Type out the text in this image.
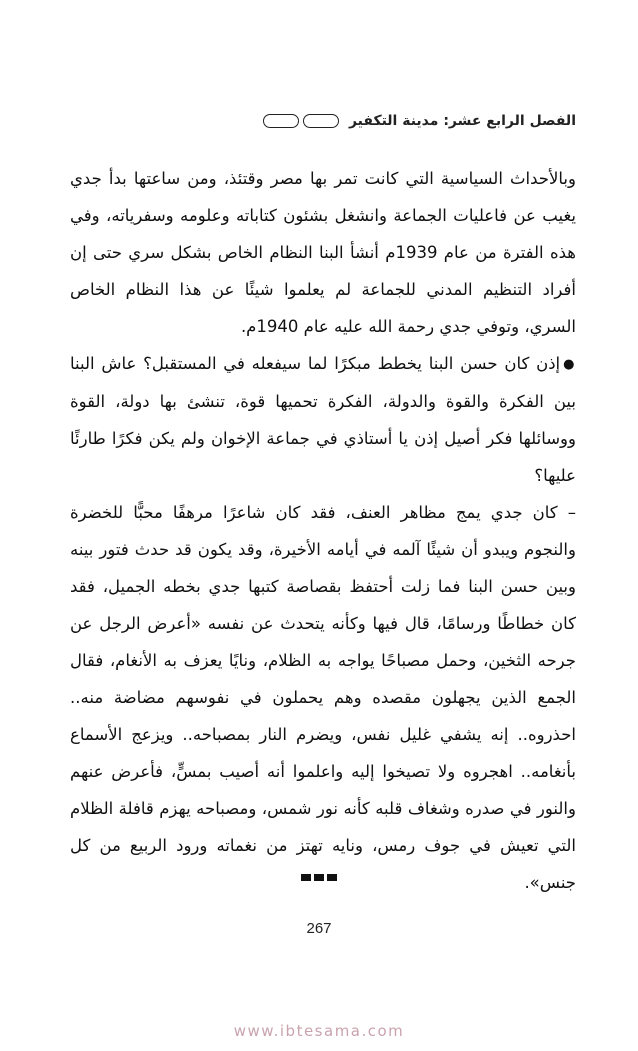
الفصل الرابع عشر: مدينة التكفير

وبالأحداث السياسية التي كانت تمر بها مصر وقتئذ، ومن ساعتها بدأ جدي يغيب عن فاعليات الجماعة وانشغل بشئون كتاباته وعلومه وسفرياته، وفي هذه الفترة من عام 1939م أنشأ البنا النظام الخاص بشكل سري حتى إن أفراد التنظيم المدني للجماعة لم يعلموا شيئًا عن هذا النظام الخاص السري، وتوفي جدي رحمة الله عليه عام 1940م.

●إذن كان حسن البنا يخطط مبكرًا لما سيفعله في المستقبل؟ عاش البنا بين الفكرة والقوة والدولة، الفكرة تحميها قوة، تنشئ بها دولة، القوة ووسائلها فكر أصيل إذن يا أستاذي في جماعة الإخوان ولم يكن فكرًا طارئًا عليها؟

– كان جدي يمج مظاهر العنف، فقد كان شاعرًا مرهفًا محبًّا للخضرة والنجوم ويبدو أن شيئًا آلمه في أيامه الأخيرة، وقد يكون قد حدث فتور بينه وبين حسن البنا فما زلت أحتفظ بقصاصة كتبها جدي بخطه الجميل، فقد كان خطاطًا ورسامًا، قال فيها وكأنه يتحدث عن نفسه «أعرض الرجل عن جرحه الثخين، وحمل مصباحًا يواجه به الظلام، ونايًا يعزف به الأنغام، فقال الجمع الذين يجهلون مقصده وهم يحملون في نفوسهم مضاضة منه.. احذروه.. إنه يشفي غليل نفس، ويضرم النار بمصباحه.. ويزعج الأسماع بأنغامه.. اهجروه ولا تصيخوا إليه واعلموا أنه أصيب بمسٍّ، فأعرض عنهم والنور في صدره وشغاف قلبه كأنه نور شمس، ومصباحه يهزم قافلة الظلام التي تعيش في جوف رمس، ونايه تهتز من نغماته ورود الربيع من كل جنس».

267
www.ibtesama.com
